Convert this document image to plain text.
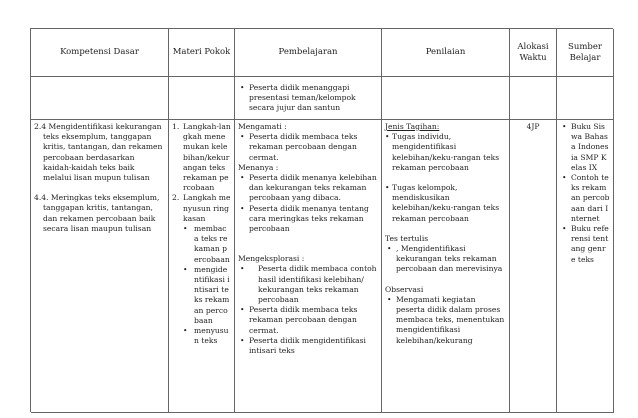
Kompetensi Dasar	Materi Pokok	Pembelajaran	Penilaian
Alokasi Waktu
Sumber Belajar
• Peserta didik menanggapi presentasi teman/kelompok secara jujur dan santun

2.4 Mengidentifikasi kekurangan teks eksemplum, tanggapan kritis, tantangan, dan rekamen percobaan berdasarkan kaidah-kaidah teks baik melalui lisan mupun tulisan

4.4. Meringkas teks eksemplum, tanggapan kritis, tantangan, dan rekamen percobaan baik secara lisan maupun tulisan

1. Langkah-langkah menemukan kelebihan/kekurangan teks rekaman percobaan
2. Langkah menyusun ringkasan
• membaca teks rekaman percobaan
• mengidentifikasi intisari teks rekaman percobaan
• menyusun teks

Mengamati :

• Peserta didik membaca teks rekaman percobaan dengan cermat.

Menanya :

• Peserta didik menanya kelebihan dan kekurangan teks rekaman percobaan yang dibaca.
• Peserta didik menanya tentang cara meringkas teks rekaman percobaan

Mengeksplorasi :

• Peserta didik membaca contoh hasil identifikasi kelebihan/ kekurangan teks rekaman percobaan
• Peserta didik membaca teks rekaman percobaan dengan cermat.
• Peserta didik mengidentifikasi intisari teks

Jenis Tagihan:

• Tugas individu, mengidentifikasi kelebihan/keku-rangan teks rekaman percobaan
• Tugas kelompok, mendiskusikan kelebihan/keku-rangan teks rekaman percobaan

Tes tertulis

• , Mengidentifikasi kekurangan teks rekaman percobaan dan merevisinya

Observasi

• Mengamati kegiatan peserta didik dalam proses membaca teks, menentukan mengidentifikasi kelebihan/kekurang
4JP
•	Buku Siswa Bahasa Indonesia SMP Kelas IX
• Contoh teks rekaman percobaan dari Internet
• Buku referensi tentang genre teks
